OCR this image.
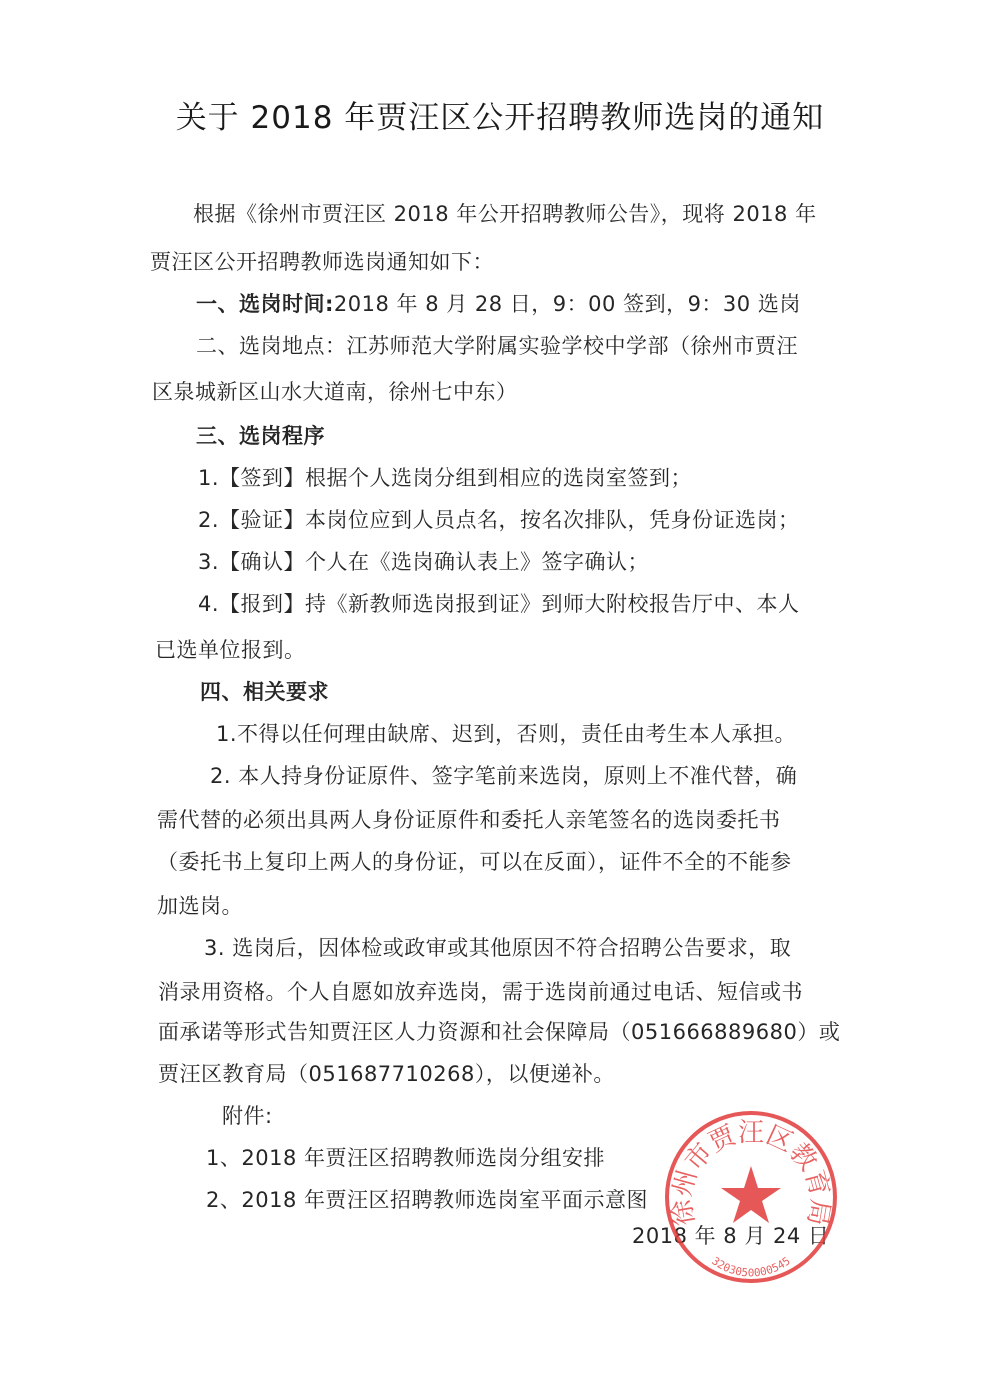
关于 2018 年贾汪区公开招聘教师选岗的通知
根据《徐州市贾汪区 2018 年公开招聘教师公告》，现将 2018 年
贾汪区公开招聘教师选岗通知如下：
一、选岗时间:2018 年 8 月 28 日，9：00 签到，9：30 选岗
二、选岗地点：江苏师范大学附属实验学校中学部（徐州市贾汪
区泉城新区山水大道南，徐州七中东）
三、选岗程序
1.【签到】根据个人选岗分组到相应的选岗室签到；
2.【验证】本岗位应到人员点名，按名次排队，凭身份证选岗；
3.【确认】个人在《选岗确认表上》签字确认；
4.【报到】持《新教师选岗报到证》到师大附校报告厅中、本人
已选单位报到。
四、相关要求
1.不得以任何理由缺席、迟到，否则，责任由考生本人承担。
2. 本人持身份证原件、签字笔前来选岗，原则上不准代替，确
需代替的必须出具两人身份证原件和委托人亲笔签名的选岗委托书
（委托书上复印上两人的身份证，可以在反面），证件不全的不能参
加选岗。
3. 选岗后，因体检或政审或其他原因不符合招聘公告要求，取
消录用资格。个人自愿如放弃选岗，需于选岗前通过电话、短信或书
面承诺等形式告知贾汪区人力资源和社会保障局（051666889680）或
贾汪区教育局（051687710268），以便递补。
附件:
1、2018 年贾汪区招聘教师选岗分组安排
2、2018 年贾汪区招聘教师选岗室平面示意图
2018 年 8 月 24 日
徐州市贾汪区教育局
3203050000545
